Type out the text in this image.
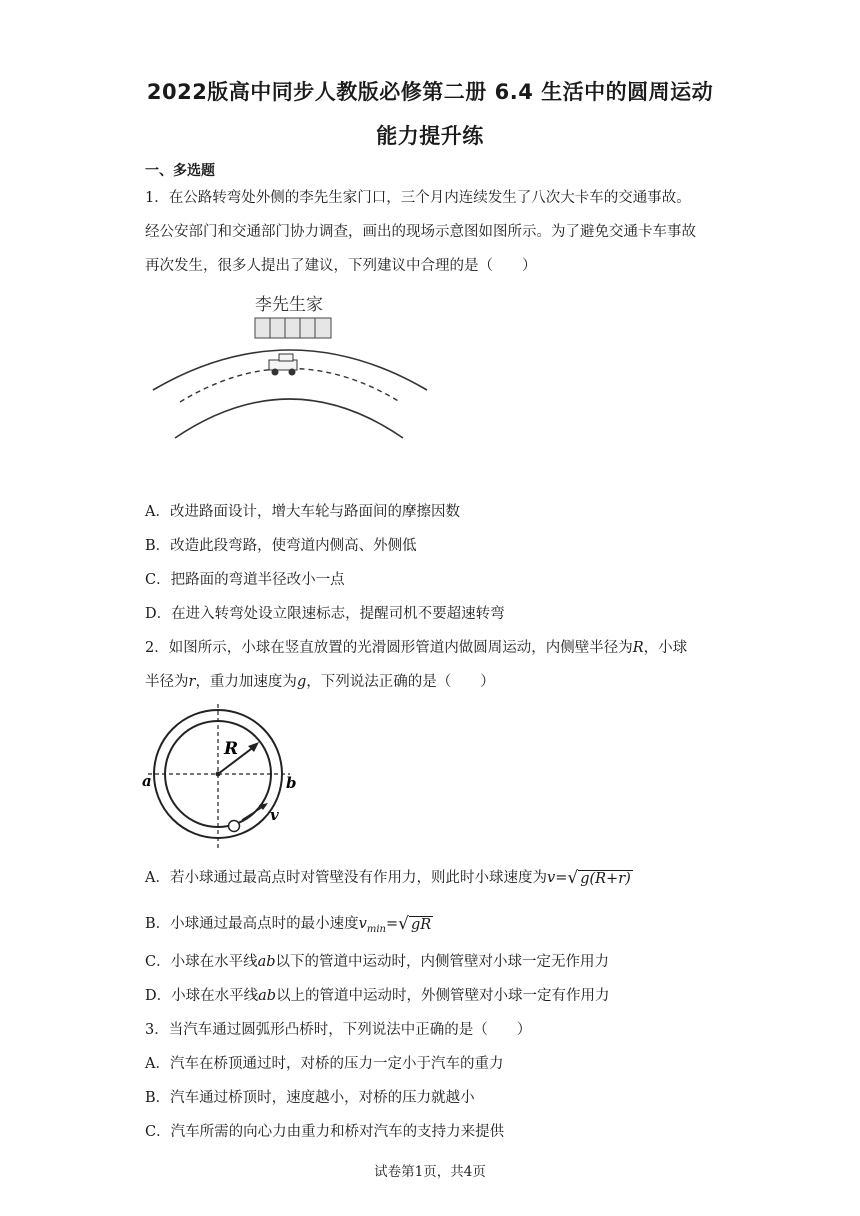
2022版高中同步人教版必修第二册 6.4 生活中的圆周运动
能力提升练
一、多选题
1．在公路转弯处外侧的李先生家门口，三个月内连续发生了八次大卡车的交通事故。
经公安部门和交通部门协力调查，画出的现场示意图如图所示。为了避免交通卡车事故
再次发生，很多人提出了建议，下列建议中合理的是（　　）
李先生家
A．改进路面设计，增大车轮与路面间的摩擦因数
B．改造此段弯路，使弯道内侧高、外侧低
C．把路面的弯道半径改小一点
D．在进入转弯处设立限速标志，提醒司机不要超速转弯
2．如图所示，小球在竖直放置的光滑圆形管道内做圆周运动，内侧壁半径为R，小球
半径为r，重力加速度为g，下列说法正确的是（　　）
R
a	b
v
A．若小球通过最高点时对管壁没有作用力，则此时小球速度为v=√ g(R+r)
B．小球通过最高点时的最小速度$v_{min}=√$ gR
C．小球在水平线ab以下的管道中运动时，内侧管壁对小球一定无作用力
D．小球在水平线ab以上的管道中运动时，外侧管壁对小球一定有作用力
3．当汽车通过圆弧形凸桥时，下列说法中正确的是（　　）
A．汽车在桥顶通过时，对桥的压力一定小于汽车的重力
B．汽车通过桥顶时，速度越小，对桥的压力就越小
C．汽车所需的向心力由重力和桥对汽车的支持力来提供
试卷第1页，共4页
